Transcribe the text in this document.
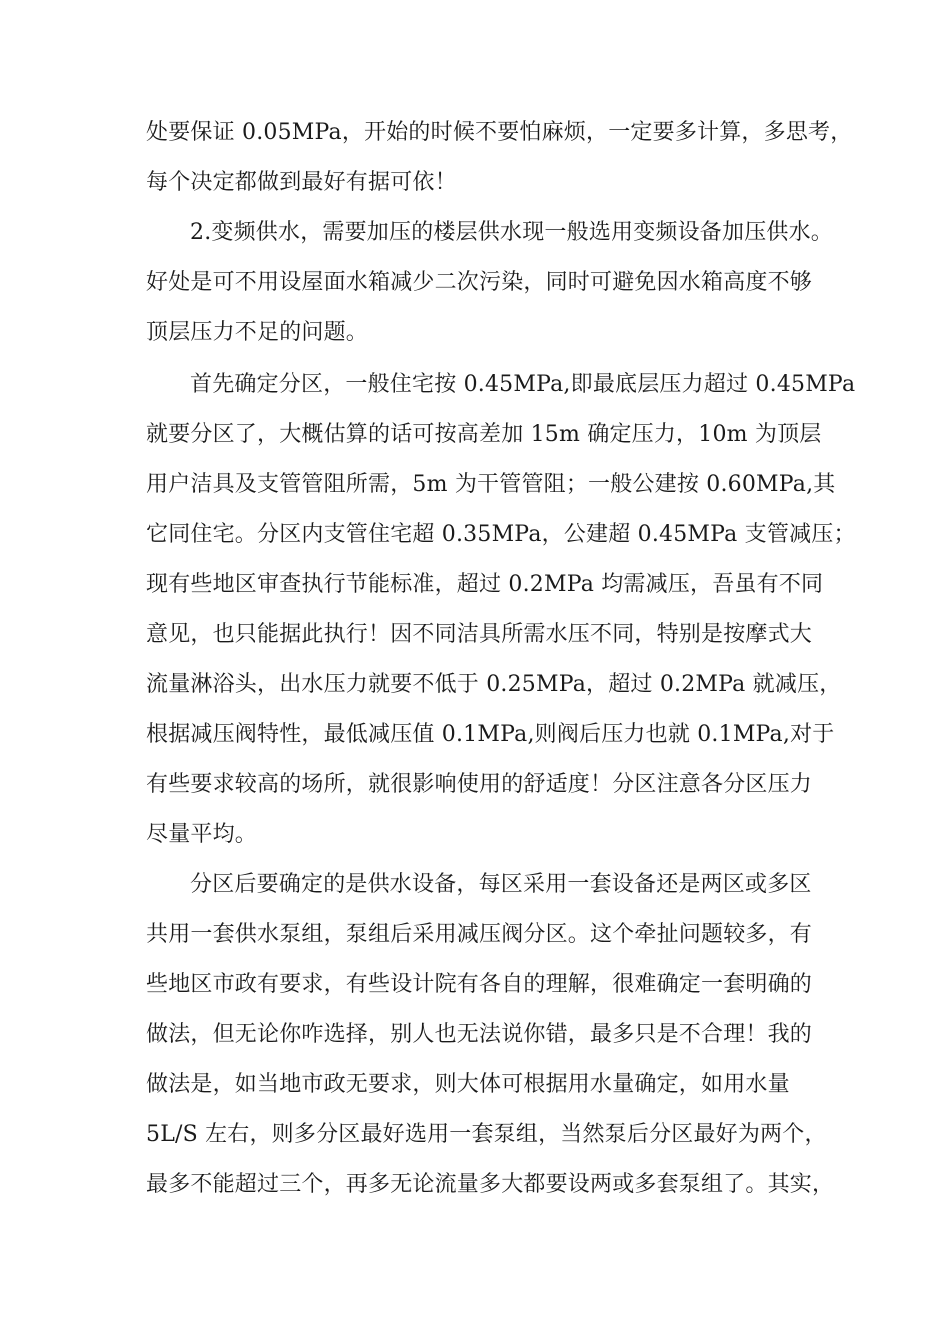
处要保证 0.05MPa，开始的时候不要怕麻烦，一定要多计算，多思考，
每个决定都做到最好有据可依！
2.变频供水，需要加压的楼层供水现一般选用变频设备加压供水。
好处是可不用设屋面水箱减少二次污染，同时可避免因水箱高度不够
顶层压力不足的问题。
首先确定分区，一般住宅按 0.45MPa,即最底层压力超过 0.45MPa
就要分区了，大概估算的话可按高差加 15m 确定压力，10m 为顶层
用户洁具及支管管阻所需，5m 为干管管阻；一般公建按 0.60MPa,其
它同住宅。分区内支管住宅超 0.35MPa，公建超 0.45MPa 支管减压；
现有些地区审查执行节能标准，超过 0.2MPa 均需减压，吾虽有不同
意见，也只能据此执行！因不同洁具所需水压不同，特别是按摩式大
流量淋浴头，出水压力就要不低于 0.25MPa，超过 0.2MPa 就减压，
根据减压阀特性，最低减压值 0.1MPa,则阀后压力也就 0.1MPa,对于
有些要求较高的场所，就很影响使用的舒适度！分区注意各分区压力
尽量平均。
分区后要确定的是供水设备，每区采用一套设备还是两区或多区
共用一套供水泵组，泵组后采用减压阀分区。这个牵扯问题较多，有
些地区市政有要求，有些设计院有各自的理解，很难确定一套明确的
做法，但无论你咋选择，别人也无法说你错，最多只是不合理！我的
做法是，如当地市政无要求，则大体可根据用水量确定，如用水量
5L/S 左右，则多分区最好选用一套泵组，当然泵后分区最好为两个，
最多不能超过三个，再多无论流量多大都要设两或多套泵组了。其实，
